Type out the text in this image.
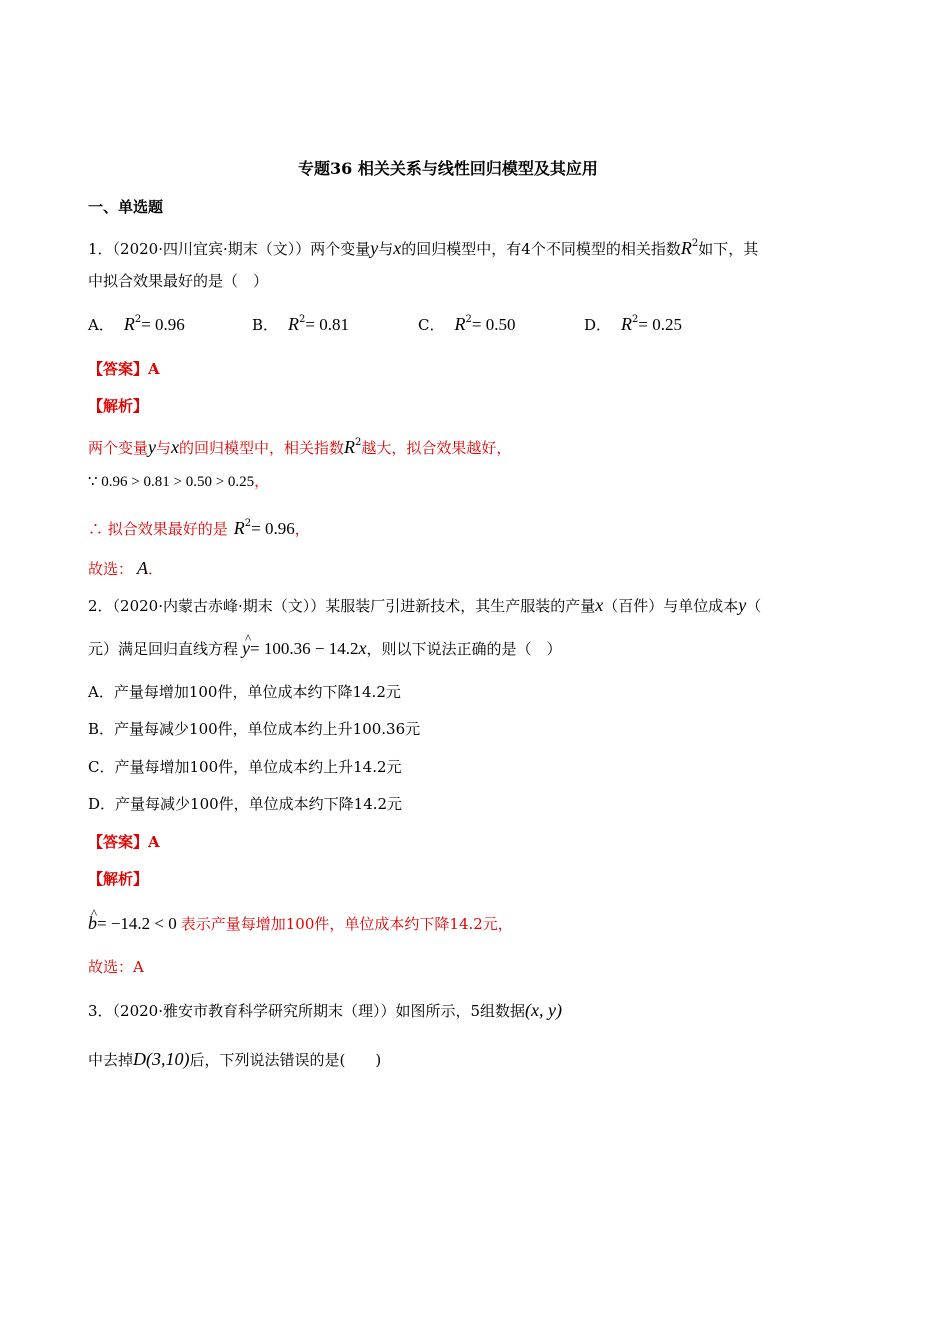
专题36 相关关系与线性回归模型及其应用
一、单选题
1．（2020·四川宜宾·期末（文））两个变量y与x的回归模型中，有4个不同模型的相关指数$R^2$如下，其
中拟合效果最好的是（　）
A． $R^2= 0.96$	B． $R^2= 0.81$	C． $R^2= 0.50$	D． $R^2= 0.25$
【答案】A
【解析】
两个变量y与x的回归模型中，相关指数$R^2$越大，拟合效果越好，
∵ 0.96 > 0.81 > 0.50 > 0.25，
∴ 拟合效果最好的是 $R^2= 0.96$，
故选： A．
2．（2020·内蒙古赤峰·期末（文））某服装厂引进新技术，其生产服装的产量x（百件）与单位成本y（
元）满足回归直线方程^ y= 100.36 − 14.2x，则以下说法正确的是（　）
A．产量每增加100件，单位成本约下降14.2元
B．产量每减少100件，单位成本约上升100.36元
C．产量每增加100件，单位成本约上升14.2元
D．产量每减少100件，单位成本约下降14.2元
【答案】A
【解析】
^ b= −14.2 < 0 表示产量每增加100件，单位成本约下降14.2元，
故选：A
3．（2020·雅安市教育科学研究所期末（理））如图所示，5组数据(x, y)
中去掉D(3,10)后，下列说法错误的是(　　)
